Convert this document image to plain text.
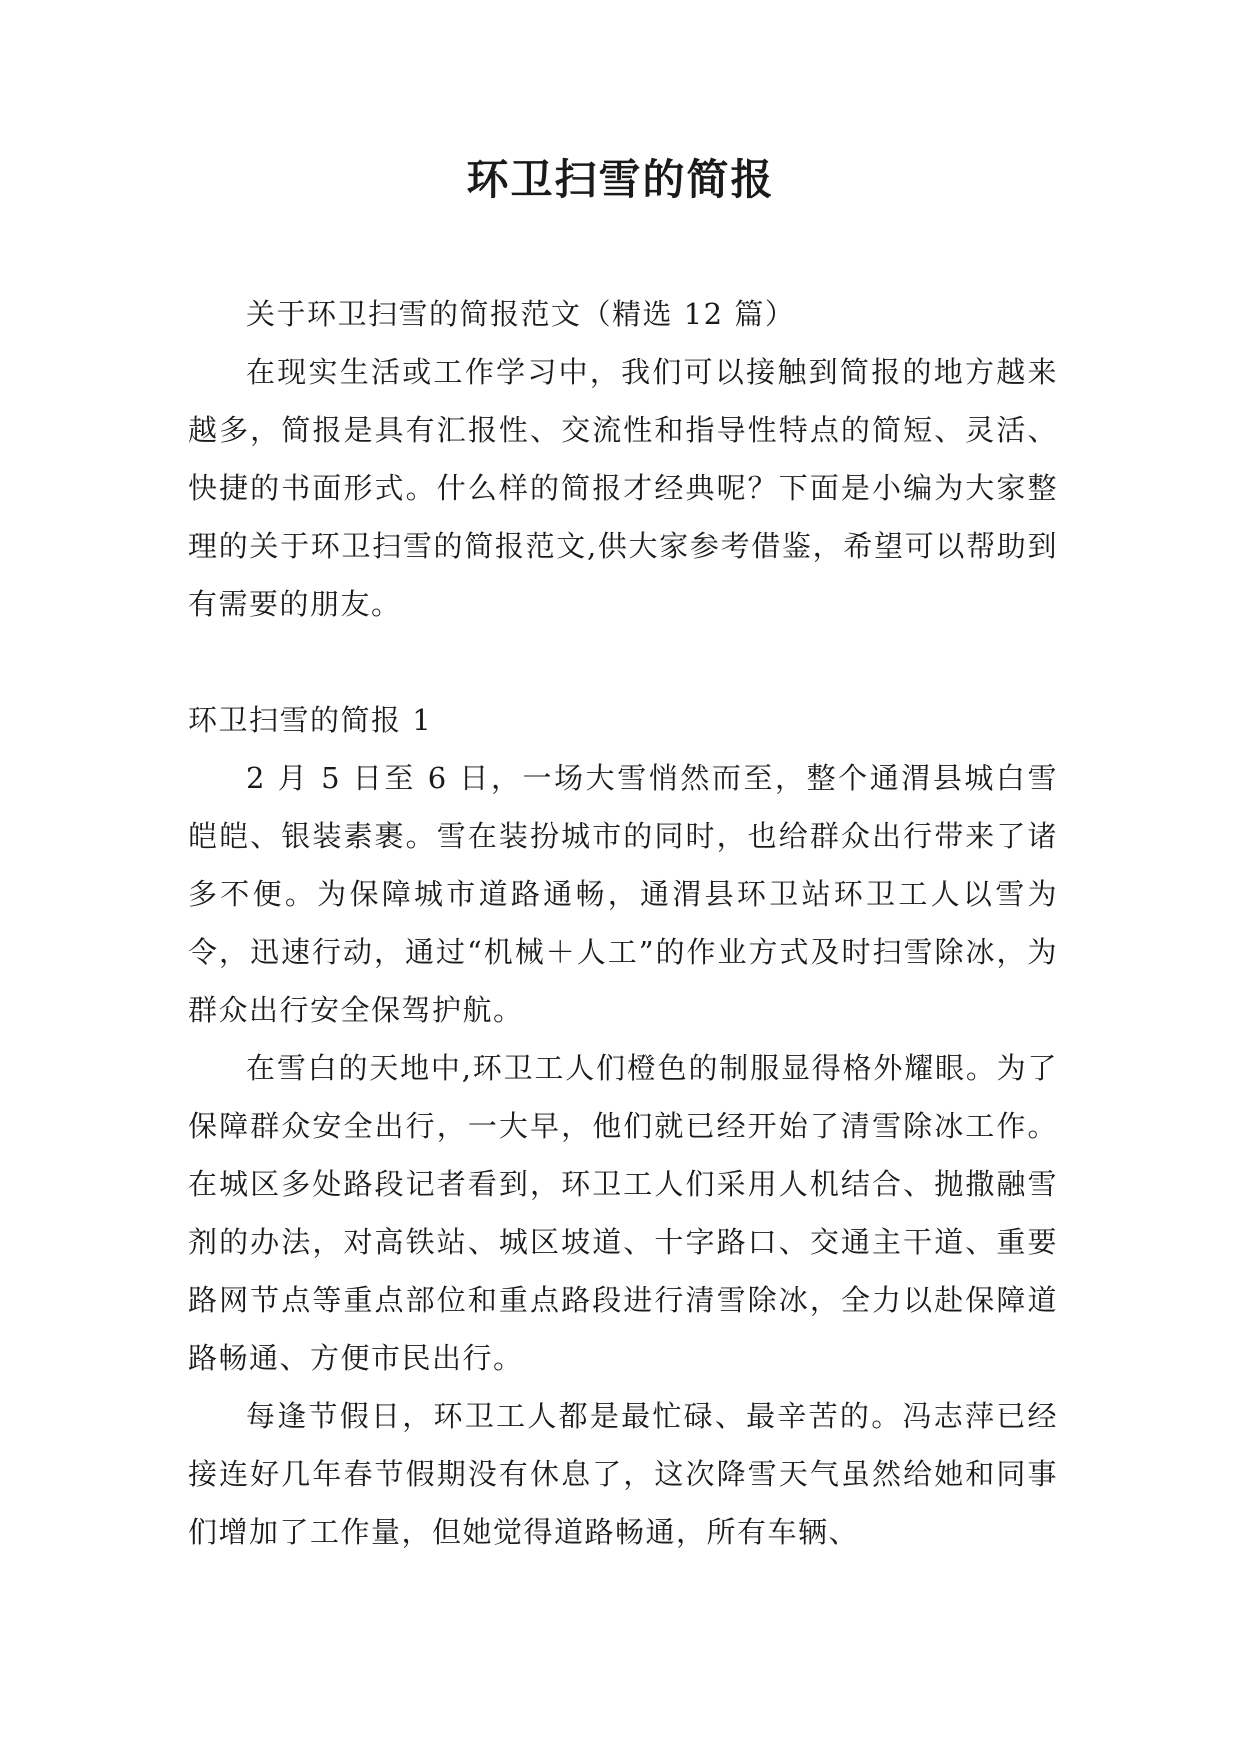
环卫扫雪的简报

关于环卫扫雪的简报范文（精选 12 篇）

在现实生活或工作学习中，我们可以接触到简报的地方越来越多，简报是具有汇报性、交流性和指导性特点的简短、灵活、快捷的书面形式。什么样的简报才经典呢？下面是小编为大家整理的关于环卫扫雪的简报范文,供大家参考借鉴，希望可以帮助到有需要的朋友。

环卫扫雪的简报 1

2 月 5 日至 6 日，一场大雪悄然而至，整个通渭县城白雪皑皑、银装素裹。雪在装扮城市的同时，也给群众出行带来了诸多不便。为保障城市道路通畅，通渭县环卫站环卫工人以雪为令，迅速行动，通过“机械＋人工”的作业方式及时扫雪除冰，为群众出行安全保驾护航。

在雪白的天地中,环卫工人们橙色的制服显得格外耀眼。为了保障群众安全出行，一大早，他们就已经开始了清雪除冰工作。在城区多处路段记者看到，环卫工人们采用人机结合、抛撒融雪剂的办法，对高铁站、城区坡道、十字路口、交通主干道、重要路网节点等重点部位和重点路段进行清雪除冰，全力以赴保障道路畅通、方便市民出行。

每逢节假日，环卫工人都是最忙碌、最辛苦的。冯志萍已经接连好几年春节假期没有休息了，这次降雪天气虽然给她和同事们增加了工作量，但她觉得道路畅通，所有车辆、
